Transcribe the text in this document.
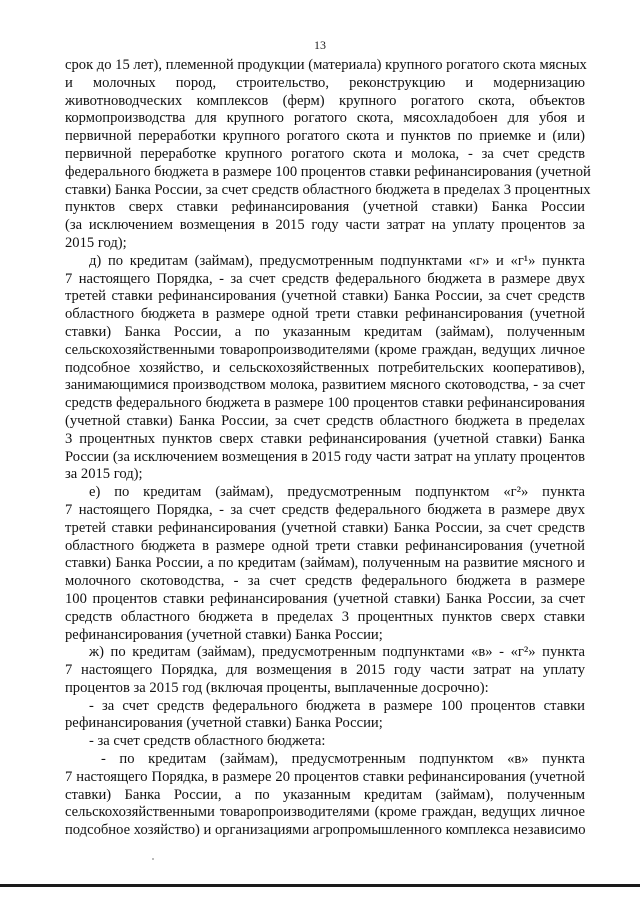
13
срок до 15 лет), племенной продукции (материала) крупного рогатого скота мясных
и молочных пород, строительство, реконструкцию и модернизацию
животноводческих комплексов (ферм) крупного рогатого скота, объектов
кормопроизводства для крупного рогатого скота, мясохладобоен для убоя и
первичной переработки крупного рогатого скота и пунктов по приемке и (или)
первичной переработке крупного рогатого скота и молока, - за счет средств
федерального бюджета в размере 100 процентов ставки рефинансирования (учетной
ставки) Банка России, за счет средств областного бюджета в пределах 3 процентных
пунктов сверх ставки рефинансирования (учетной ставки) Банка России
(за исключением возмещения в 2015 году части затрат на уплату процентов за
2015 год);
д) по кредитам (займам), предусмотренным подпунктами «г» и «г¹» пункта
7 настоящего Порядка, - за счет средств федерального бюджета в размере двух
третей ставки рефинансирования (учетной ставки) Банка России, за счет средств
областного бюджета в размере одной трети ставки рефинансирования (учетной
ставки) Банка России, а по указанным кредитам (займам), полученным
сельскохозяйственными товаропроизводителями (кроме граждан, ведущих личное
подсобное хозяйство, и сельскохозяйственных потребительских кооперативов),
занимающимися производством молока, развитием мясного скотоводства, - за счет
средств федерального бюджета в размере 100 процентов ставки рефинансирования
(учетной ставки) Банка России, за счет средств областного бюджета в пределах
3 процентных пунктов сверх ставки рефинансирования (учетной ставки) Банка
России (за исключением возмещения в 2015 году части затрат на уплату процентов
за 2015 год);
е) по кредитам (займам), предусмотренным подпунктом «г²» пункта
7 настоящего Порядка, - за счет средств федерального бюджета в размере двух
третей ставки рефинансирования (учетной ставки) Банка России, за счет средств
областного бюджета в размере одной трети ставки рефинансирования (учетной
ставки) Банка России, а по кредитам (займам), полученным на развитие мясного и
молочного скотоводства, - за счет средств федерального бюджета в размере
100 процентов ставки рефинансирования (учетной ставки) Банка России, за счет
средств областного бюджета в пределах 3 процентных пунктов сверх ставки
рефинансирования (учетной ставки) Банка России;
ж) по кредитам (займам), предусмотренным подпунктами «в» - «г²» пункта
7 настоящего Порядка, для возмещения в 2015 году части затрат на уплату
процентов за 2015 год (включая проценты, выплаченные досрочно):
- за счет средств федерального бюджета в размере 100 процентов ставки
рефинансирования (учетной ставки) Банка России;
- за счет средств областного бюджета:
- по кредитам (займам), предусмотренным подпунктом «в» пункта
7 настоящего Порядка, в размере 20 процентов ставки рефинансирования (учетной
ставки) Банка России, а по указанным кредитам (займам), полученным
сельскохозяйственными товаропроизводителями (кроме граждан, ведущих личное
подсобное хозяйство) и организациями агропромышленного комплекса независимо
